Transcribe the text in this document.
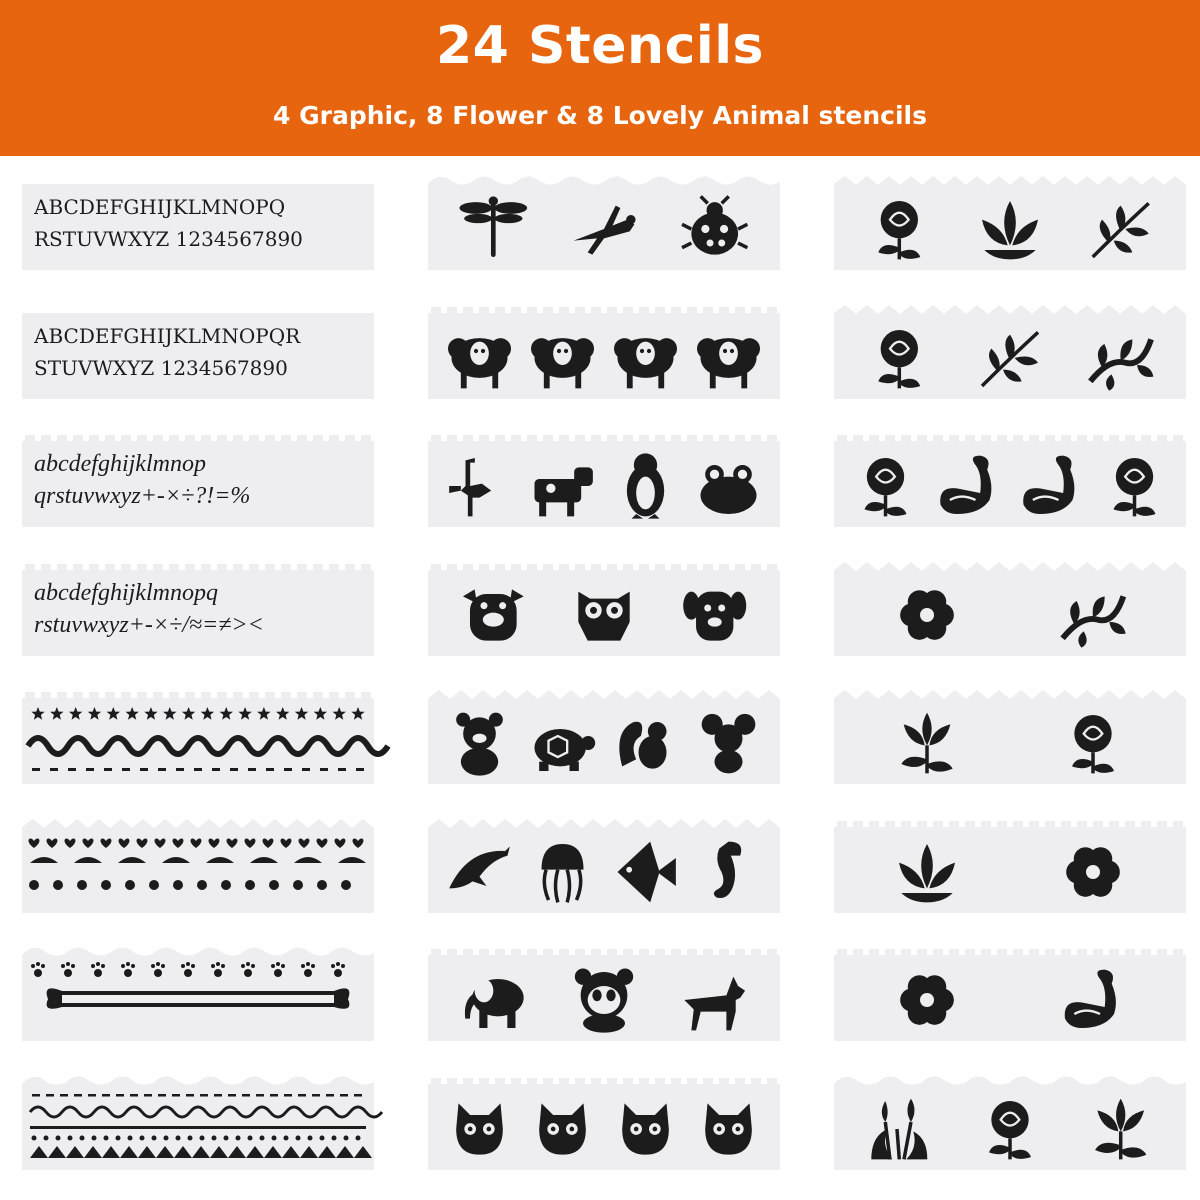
24 Stencils
4 Graphic, 8 Flower & 8 Lovely Animal stencils
ABCDEFGHIJKLMNOPQ
RSTUVWXYZ 1234567890
ABCDEFGHIJKLMNOPQR
STUVWXYZ 1234567890
abcdefghijklmnop
qrstuvwxyz+-×÷?!=%
abcdefghijklmnopq
rstuvwxyz+-×÷/≈=≠><
